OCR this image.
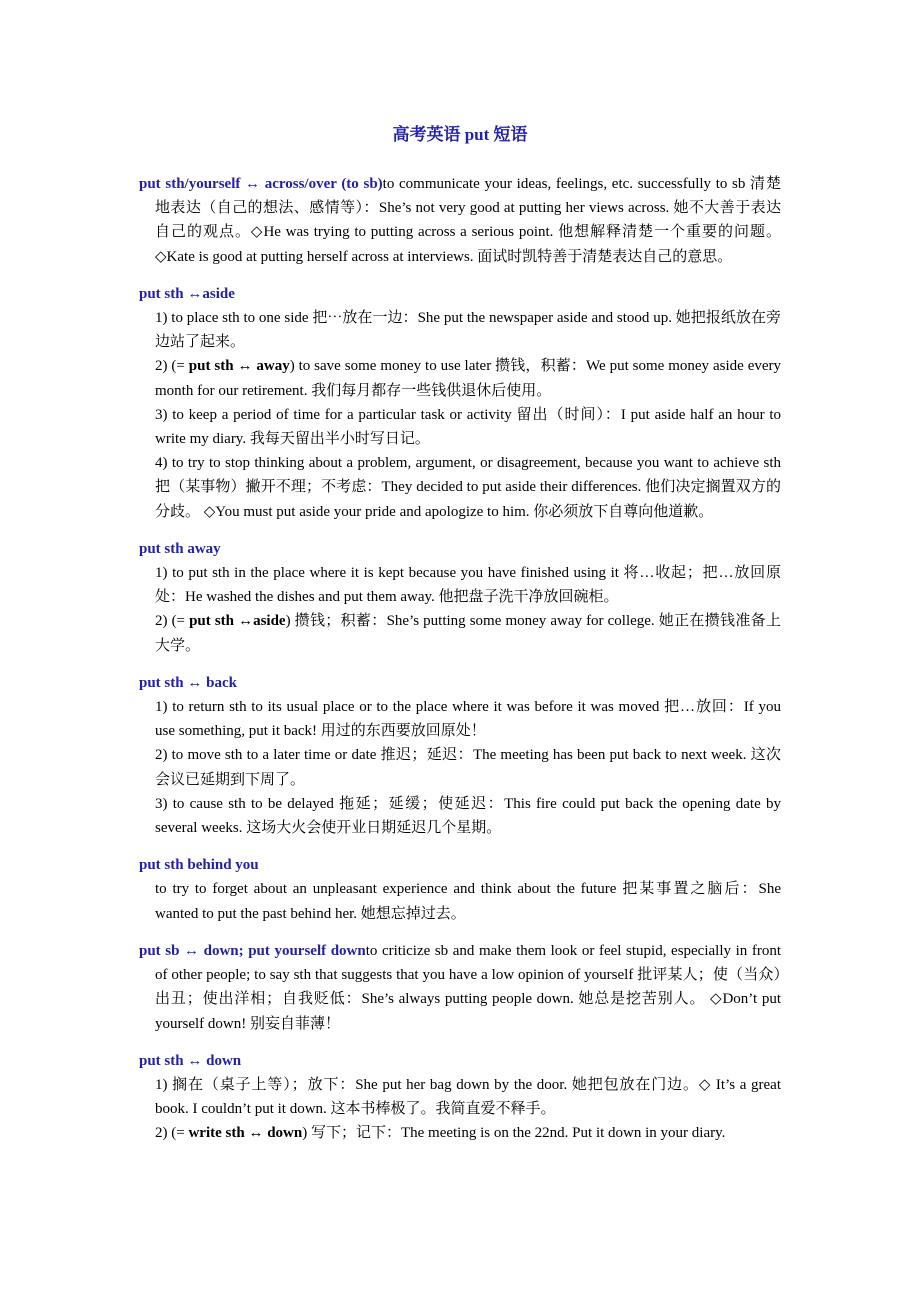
高考英语 put 短语

put sth/yourself ↔ across/over (to sb)to communicate your ideas, feelings, etc. successfully to sb 清楚地表达（自己的想法、感情等）：She’s not very good at putting her views across. 她不大善于表达自己的观点。◇He was trying to putting across a serious point. 他想解释清楚一个重要的问题。◇Kate is good at putting herself across at interviews. 面试时凯特善于清楚表达自己的意思。

put sth ↔aside

1) to place sth to one side 把⋯放在一边：She put the newspaper aside and stood up. 她把报纸放在旁边站了起来。

2) (= put sth ↔ away) to save some money to use later 攒钱，积蓄：We put some money aside every month for our retirement. 我们每月都存一些钱供退休后使用。

3) to keep a period of time for a particular task or activity 留出（时间）：I put aside half an hour to write my diary. 我每天留出半小时写日记。

4) to try to stop thinking about a problem, argument, or disagreement, because you want to achieve sth 把（某事物）撇开不理；不考虑：They decided to put aside their differences. 他们决定搁置双方的分歧。 ◇You must put aside your pride and apologize to him. 你必须放下自尊向他道歉。

put sth away

1) to put sth in the place where it is kept because you have finished using it 将…收起；把…放回原处：He washed the dishes and put them away. 他把盘子洗干净放回碗柜。

2) (= put sth ↔aside) 攒钱；积蓄：She’s putting some money away for college. 她正在攒钱准备上大学。

put sth ↔ back

1) to return sth to its usual place or to the place where it was before it was moved 把…放回：If you use something, put it back! 用过的东西要放回原处！

2) to move sth to a later time or date 推迟；延迟：The meeting has been put back to next week. 这次会议已延期到下周了。

3) to cause sth to be delayed 拖延；延缓；使延迟：This fire could put back the opening date by several weeks. 这场大火会使开业日期延迟几个星期。

put sth behind you

to try to forget about an unpleasant experience and think about the future 把某事置之脑后：She wanted to put the past behind her. 她想忘掉过去。

put sb ↔ down; put yourself downto criticize sb and make them look or feel stupid, especially in front of other people; to say sth that suggests that you have a low opinion of yourself 批评某人；使（当众）出丑；使出洋相；自我贬低：She’s always putting people down. 她总是挖苦别人。 ◇Don’t put yourself down! 别妄自菲薄！

put sth ↔ down

1) 搁在（桌子上等）；放下：She put her bag down by the door. 她把包放在门边。◇ It’s a great book. I couldn’t put it down. 这本书棒极了。我简直爱不释手。

2) (= write sth ↔ down) 写下；记下：The meeting is on the 22nd. Put it down in your diary.
